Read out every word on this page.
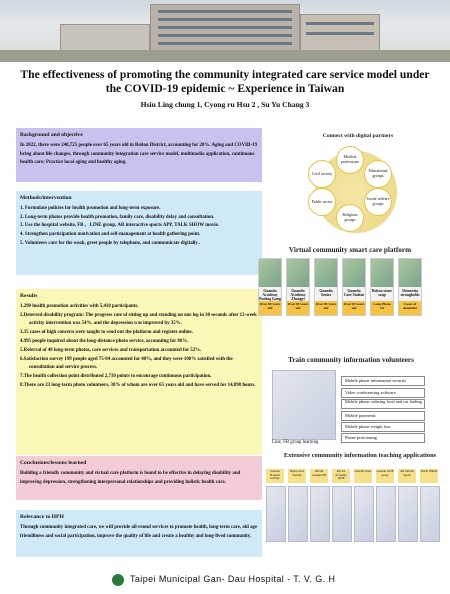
The effectiveness of promoting the community integrated care service model under the COVID-19 epidemic ~ Experience in Taiwan
Hsiu Ling chung 1, Cyong ru Hsu 2 , Su Yu Chang 3
Background and objective
In 2022, there were 240,725 people over 65 years old in Beitou District, accounting for 20%. Aging and COVID-19 bring about life changes, through community integration care service model, multimedia application, continuous health care; Practice local aging and healthy aging.
Methods/intervention
1. Formulate policies for health promotion and long-term exposure.
2. Long-term photos provide health promotion, family care, disability delay and consultation.
3. Use the hospital website, FB 、LINE group, AR interactive sports APP, TALK SHOW movie.
4. Strengthen participation motivation and self-management at health gathering point.
5. Volunteers care for the weak, greet people by telephone, and communicate digitally .
Results
1.290 health promotion activities with 5,410 participants.
2.Deterred disability program: The progress rate of sitting up and standing on one leg in 30 seconds after 12-week activity intervention was 54%, and the depression was improved by 35%.
3.35 cases of high concern were taught to send out the platform and register online.
4.995 people inquired about the long-distance photo service, accounting for 86%.
5.Referral of 48 long-term photos, care services and transportation accounted for 52%.
6.Satisfaction survey 199 people aged 75-84 accounted for 40%, and they were 100% satisfied with the consultation and service process.
7.The health collection point distributed 2,710 points to encourage continuous participation.
8.There are 23 long-term photo volunteers, 38% of whom are over 65 years old and have served for 14,898 hours.
Conclusions/lessons learned
Building a friendly community and virtual care platform is found to be effective in delaying disability and improving depression, strengthening interpersonal relationships and providing holistic health care.
Relevance to HPH
Through community integrated care, we will provide all-round services to promote health, long-term care, old age friendliness and social participation, improve the quality of life and create a healthy and long-lived community.
Connect with digital partners
Medical professions
Educational groups
Social welfare groups
Religious groups
Public sector
Civil society
Virtual community smart care platform
Guandu Academy Putting Gang
Over 80 years old
Guandu Academy Zhongyi
Over 85 years old
Guandu Senior
Over 85 years old
Guandu Care Station
Over 65 years old
Beitou stone soup
Long Photo 2.0
Dementia strongholds
Cases of dementia
Train community information volunteers
Line, FB group learning
Mobile phone information security
Video conferencing software
Mobile phone ordering food and car hailing
Mobile payments
Mobile phone weight loss
Phone positioning
Extensive community information teaching applications
Guandu Hospital website
Home Zone Website
Inform Guandu FB
Private Academy LINE
Guandu Super Guandu LINE group
AR Mobile Sports
TALK SHOW
Taipei Municipal Gan- Dau Hospital - T. V. G. H
